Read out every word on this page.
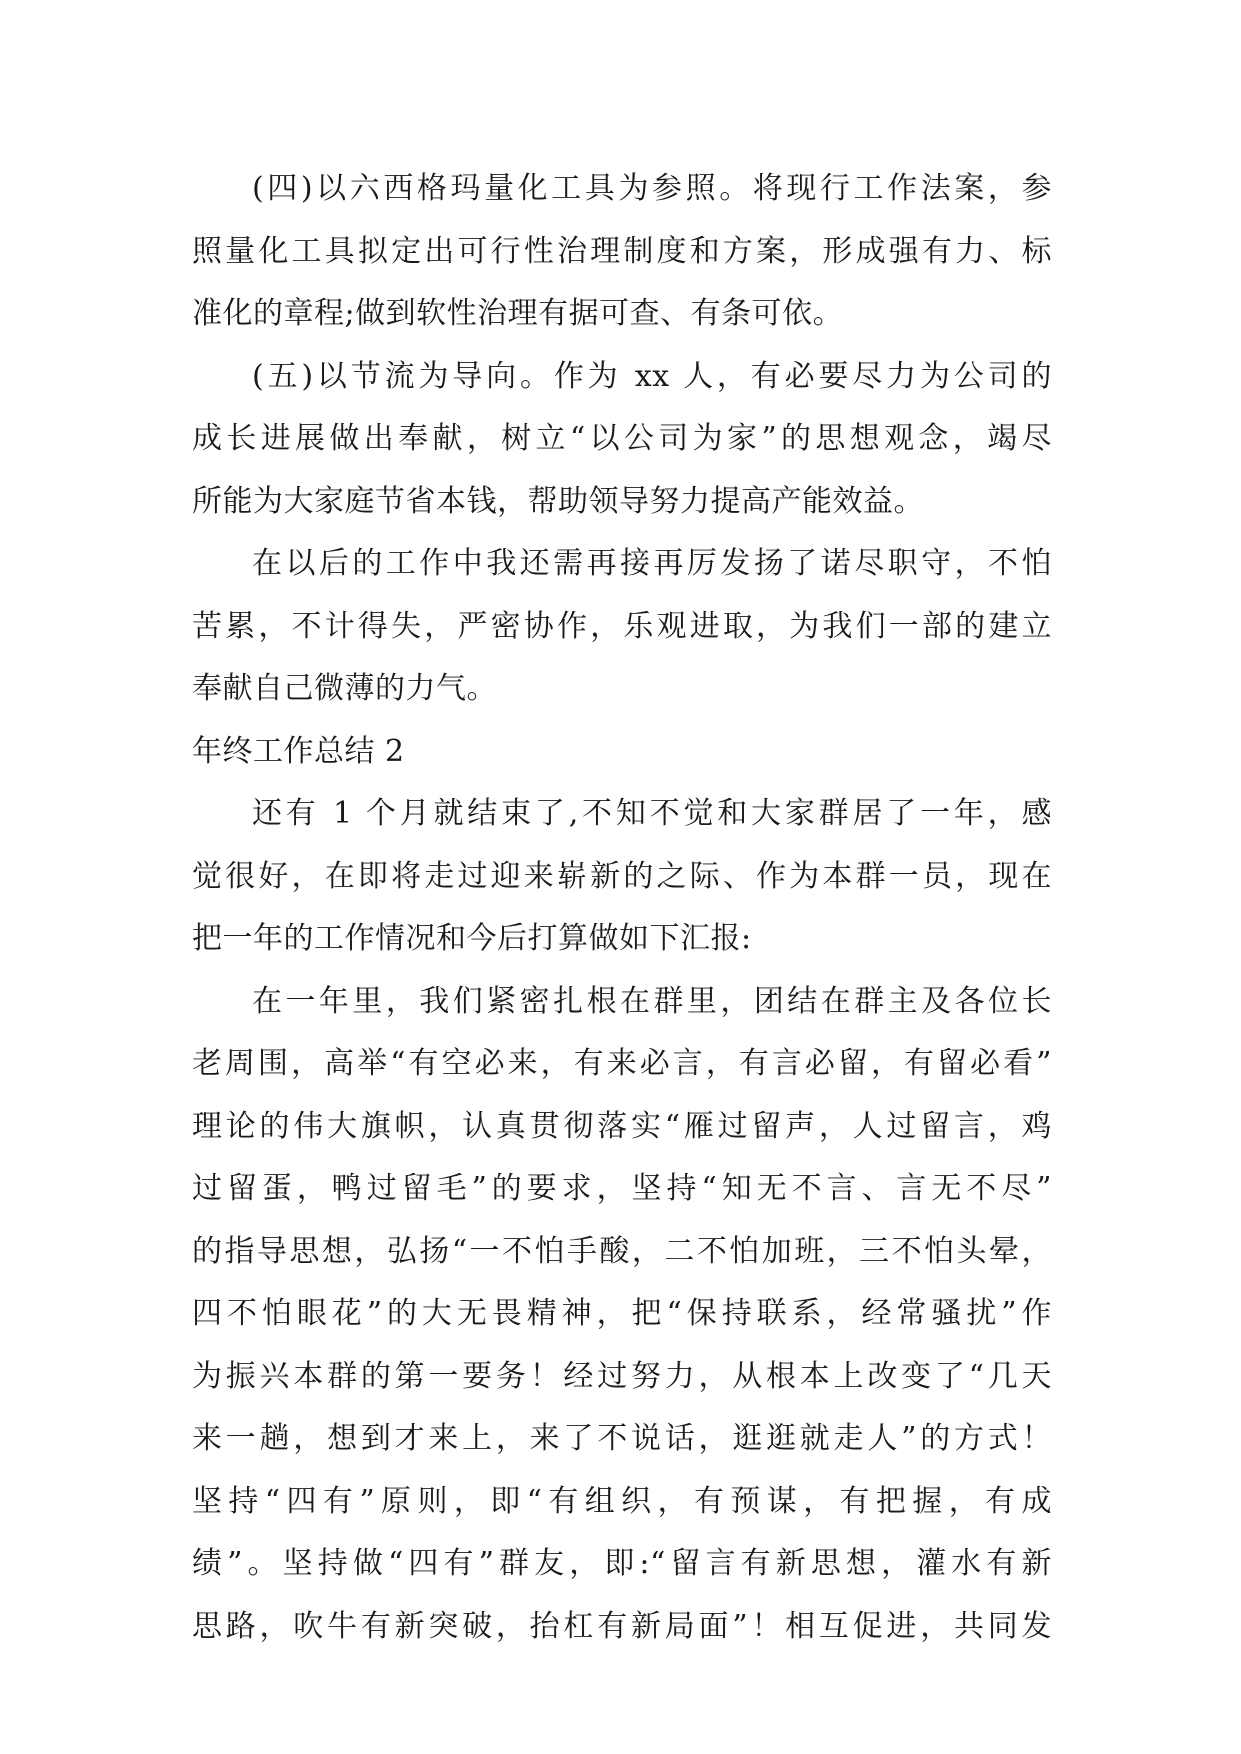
(四)以六西格玛量化工具为参照。将现行工作法案，参
照量化工具拟定出可行性治理制度和方案，形成强有力、标
准化的章程;做到软性治理有据可查、有条可依。
(五)以节流为导向。作为 xx 人，有必要尽力为公司的
成长进展做出奉献，树立“以公司为家”的思想观念，竭尽
所能为大家庭节省本钱，帮助领导努力提高产能效益。
在以后的工作中我还需再接再厉发扬了诺尽职守，不怕
苦累，不计得失，严密协作，乐观进取，为我们一部的建立
奉献自己微薄的力气。
年终工作总结 2
还有 1 个月就结束了,不知不觉和大家群居了一年，感
觉很好，在即将走过迎来崭新的之际、作为本群一员，现在
把一年的工作情况和今后打算做如下汇报:
在一年里，我们紧密扎根在群里，团结在群主及各位长
老周围，高举“有空必来，有来必言，有言必留，有留必看”
理论的伟大旗帜，认真贯彻落实“雁过留声，人过留言，鸡
过留蛋，鸭过留毛”的要求，坚持“知无不言、言无不尽”
的指导思想，弘扬“一不怕手酸，二不怕加班，三不怕头晕，
四不怕眼花”的大无畏精神，把“保持联系，经常骚扰”作
为振兴本群的第一要务！经过努力，从根本上改变了“几天
来一趟，想到才来上，来了不说话，逛逛就走人”的方式！
坚持“四有”原则，即“有组织，有预谋，有把握，有成
绩”。坚持做“四有”群友，即:“留言有新思想，灌水有新
思路，吹牛有新突破，抬杠有新局面”！相互促进，共同发
